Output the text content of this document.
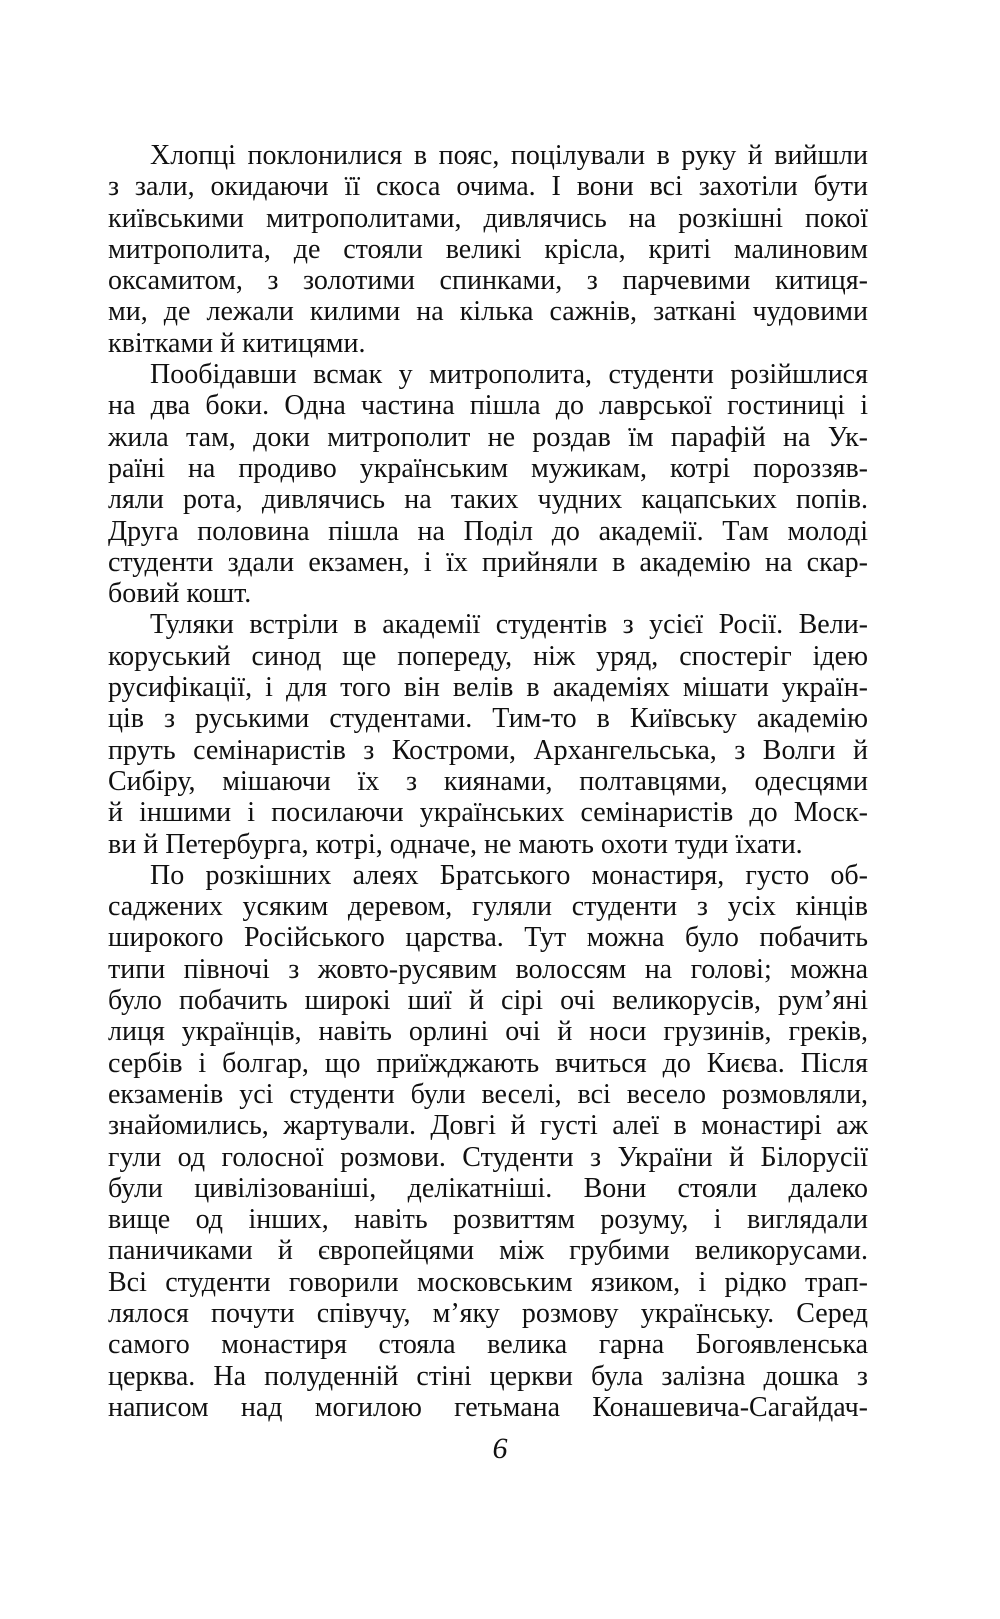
Хлопці поклонилися в пояс, поцілували в руку й вийшли
з зали, окидаючи її скоса очима. І вони всі захотіли бути
київськими митрополитами, дивлячись на розкішні покої
митрополита, де стояли великі крісла, криті малиновим
оксамитом, з золотими спинками, з парчевими китиця-
ми, де лежали килими на кілька сажнів, заткані чудовими
квітками й китицями.
Пообідавши всмак у митрополита, студенти розійшлися
на два боки. Одна частина пішла до лаврської гостиниці і
жила там, доки митрополит не роздав їм парафій на Ук-
раїні на продиво українським мужикам, котрі пороззяв-
ляли рота, дивлячись на таких чудних кацапських попів.
Друга половина пішла на Поділ до академії. Там молоді
студенти здали екзамен, і їх прийняли в академію на скар-
бовий кошт.
Туляки встріли в академії студентів з усієї Росії. Вели-
коруський синод ще попереду, ніж уряд, спостеріг ідею
русифікації, і для того він велів в академіях мішати україн-
ців з руськими студентами. Тим-то в Київську академію
пруть семінаристів з Костроми, Архангельська, з Волги й
Сибіру, мішаючи їх з киянами, полтавцями, одесцями
й іншими і посилаючи українських семінаристів до Моск-
ви й Петербурга, котрі, одначе, не мають охоти туди їхати.
По розкішних алеях Братського монастиря, густо об-
саджених усяким деревом, гуляли студенти з усіх кінців
широкого Російського царства. Тут можна було побачить
типи півночі з жовто-русявим волоссям на голові; можна
було побачить широкі шиї й сірі очі великорусів, рум’яні
лиця українців, навіть орлині очі й носи грузинів, греків,
сербів і болгар, що приїжджають вчиться до Києва. Після
екзаменів усі студенти були веселі, всі весело розмовляли,
знайомились, жартували. Довгі й густі алеї в монастирі аж
гули од голосної розмови. Студенти з України й Білорусії
були цивілізованіші, делікатніші. Вони стояли далеко
вище од інших, навіть розвиттям розуму, і виглядали
паничиками й європейцями між грубими великорусами.
Всі студенти говорили московським язиком, і рідко трап-
лялося почути співучу, м’яку розмову українську. Серед
самого монастиря стояла велика гарна Богоявленська
церква. На полуденній стіні церкви була залізна дошка з
написом над могилою гетьмана Конашевича-Сагайдач-
6
